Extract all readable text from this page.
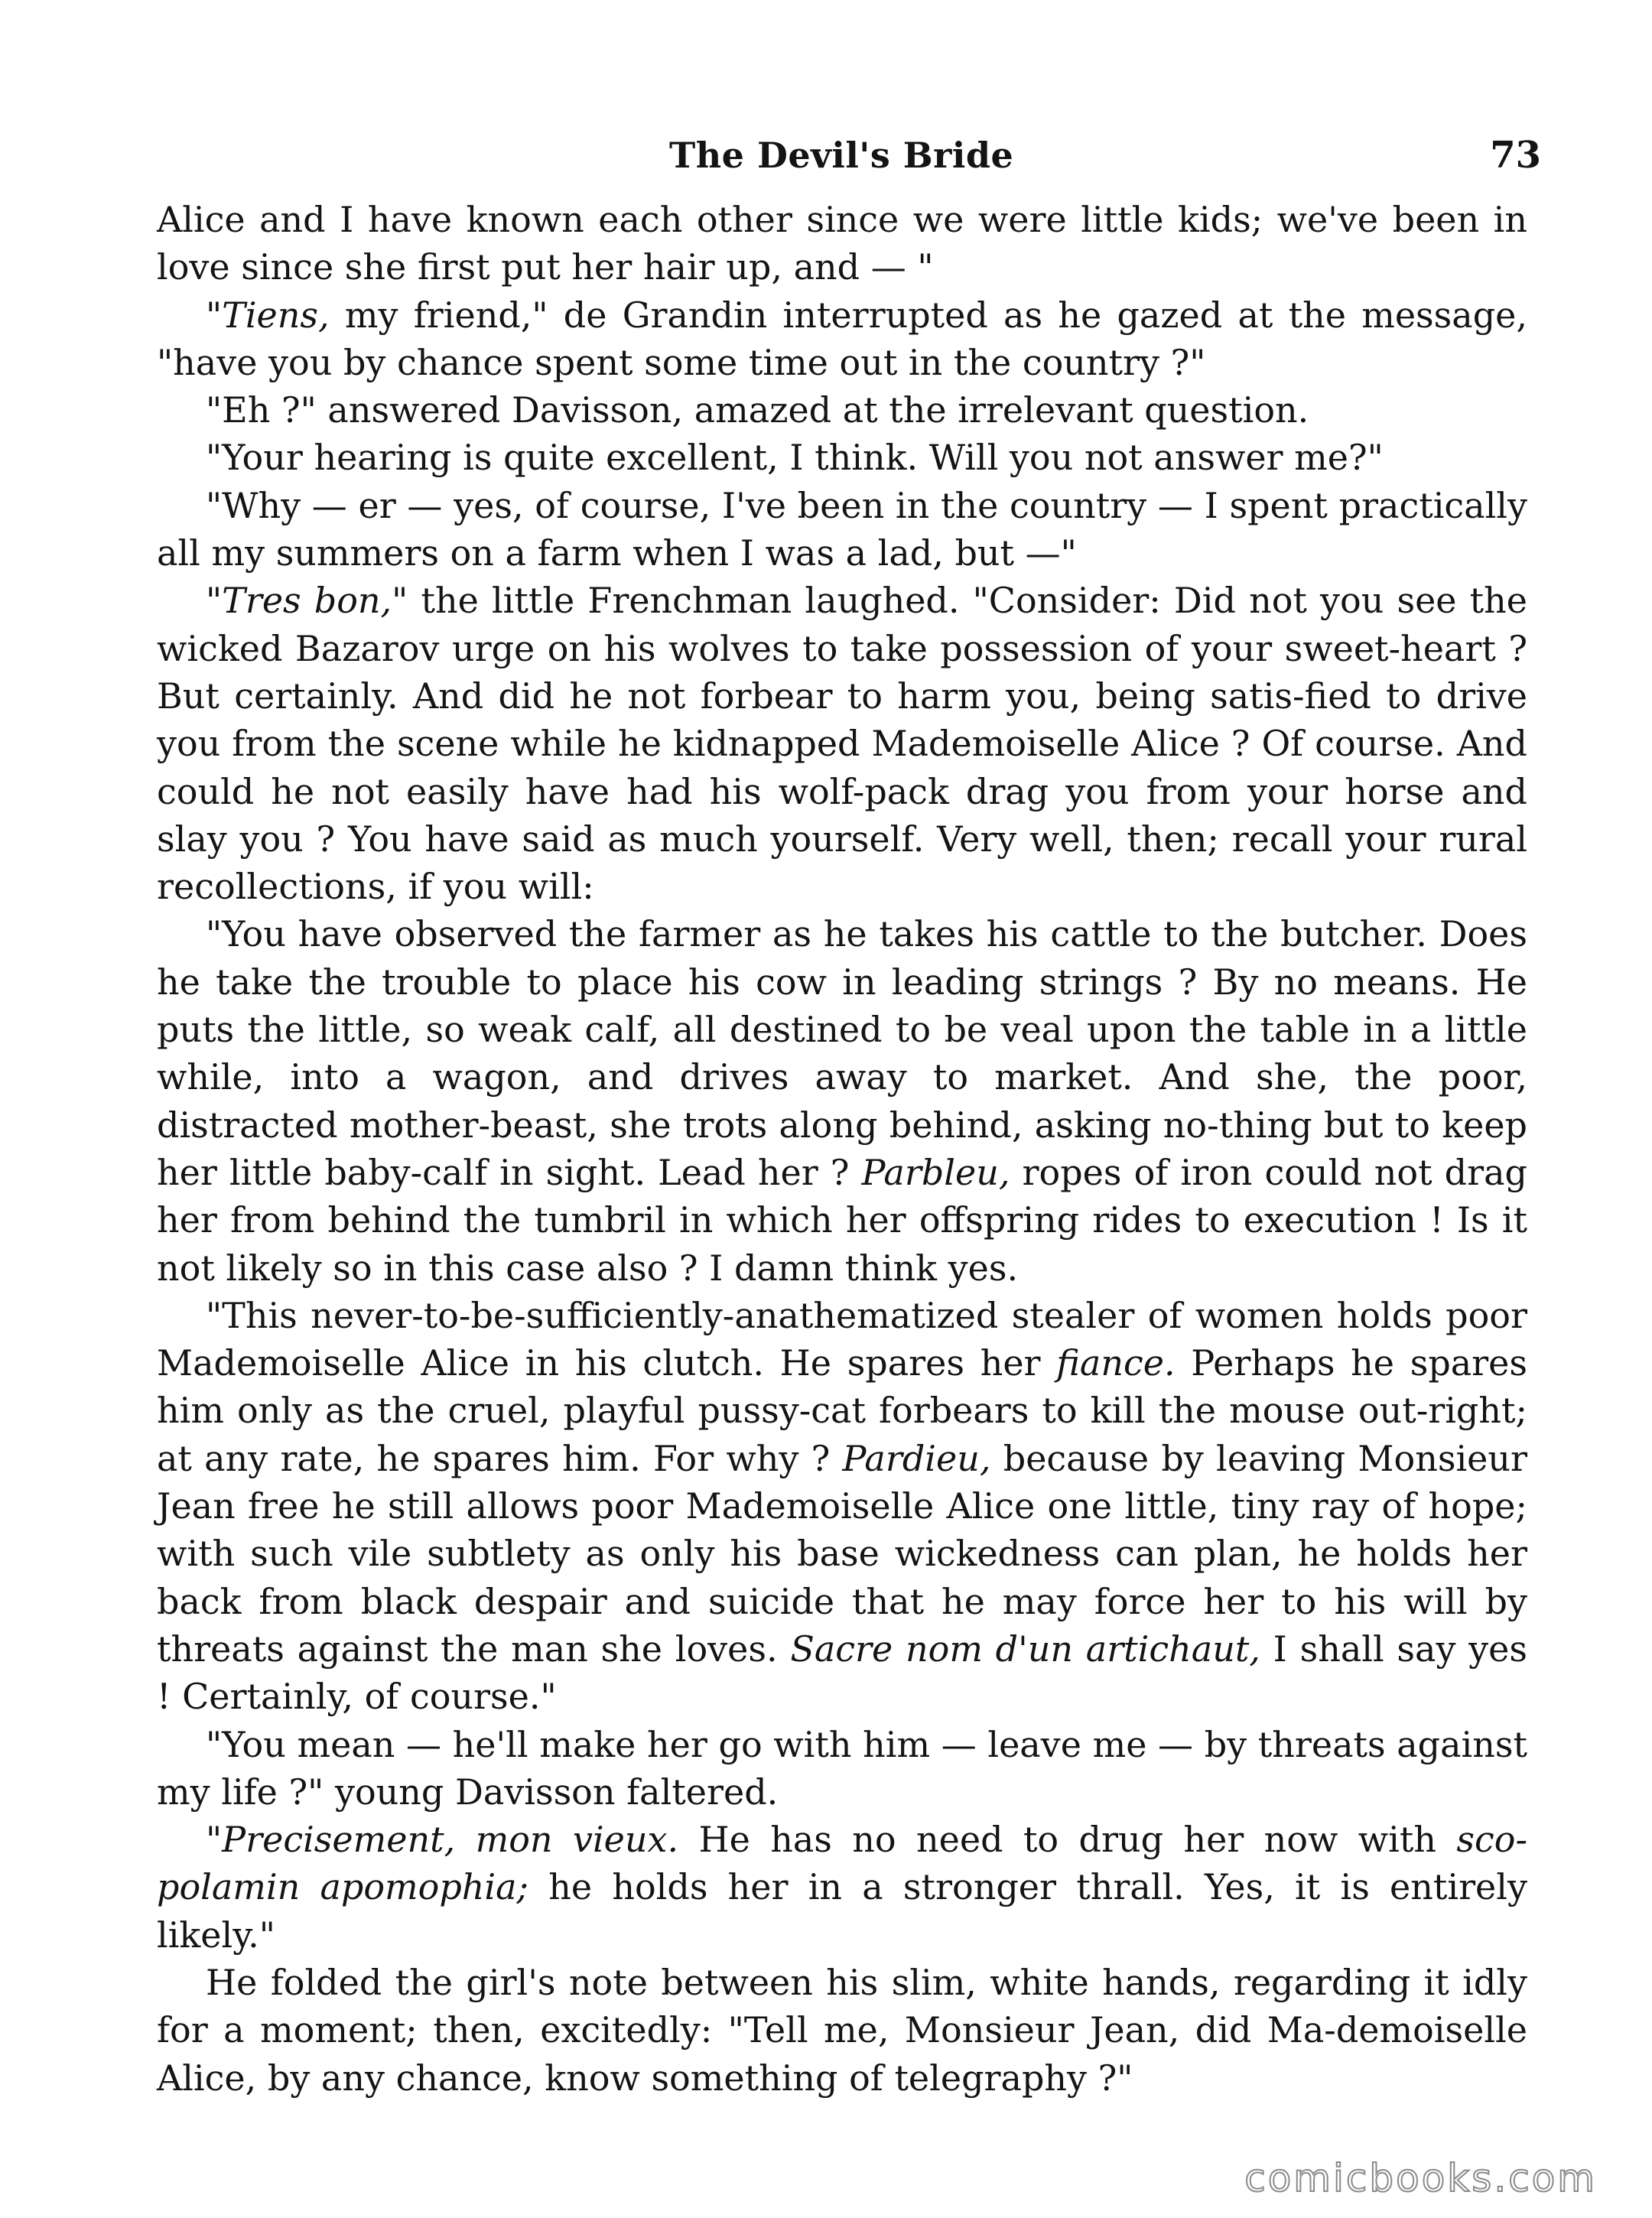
The Devil's Bride	73

Alice and I have known each other since we were little kids; we've been in love since she first put her hair up, and — "

"Tiens, my friend," de Grandin interrupted as he gazed at the message, "have you by chance spent some time out in the country ?"

"Eh ?" answered Davisson, amazed at the irrelevant question.

"Your hearing is quite excellent, I think. Will you not answer me?"

"Why — er — yes, of course, I've been in the country — I spent practically all my summers on a farm when I was a lad, but —"

"Tres bon," the little Frenchman laughed. "Consider: Did not you see the wicked Bazarov urge on his wolves to take possession of your sweet-heart ? But certainly. And did he not forbear to harm you, being satis-fied to drive you from the scene while he kidnapped Mademoiselle Alice ? Of course. And could he not easily have had his wolf-pack drag you from your horse and slay you ? You have said as much yourself. Very well, then; recall your rural recollections, if you will:

"You have observed the farmer as he takes his cattle to the butcher. Does he take the trouble to place his cow in leading strings ? By no means. He puts the little, so weak calf, all destined to be veal upon the table in a little while, into a wagon, and drives away to market. And she, the poor, distracted mother-beast, she trots along behind, asking no-thing but to keep her little baby-calf in sight. Lead her ? Parbleu, ropes of iron could not drag her from behind the tumbril in which her offspring rides to execution ! Is it not likely so in this case also ? I damn think yes.

"This never-to-be-sufficiently-anathematized stealer of women holds poor Mademoiselle Alice in his clutch. He spares her fiance. Perhaps he spares him only as the cruel, playful pussy-cat forbears to kill the mouse out-right; at any rate, he spares him. For why ? Pardieu, because by leaving Monsieur Jean free he still allows poor Mademoiselle Alice one little, tiny ray of hope; with such vile subtlety as only his base wickedness can plan, he holds her back from black despair and suicide that he may force her to his will by threats against the man she loves. Sacre nom d'un artichaut, I shall say yes ! Certainly, of course."

"You mean — he'll make her go with him — leave me — by threats against my life ?" young Davisson faltered.

"Precisement, mon vieux. He has no need to drug her now with sco-polamin apomophia; he holds her in a stronger thrall. Yes, it is entirely likely."

He folded the girl's note between his slim, white hands, regarding it idly for a moment; then, excitedly: "Tell me, Monsieur Jean, did Ma-demoiselle Alice, by any chance, know something of telegraphy ?"

comicbooks.com
